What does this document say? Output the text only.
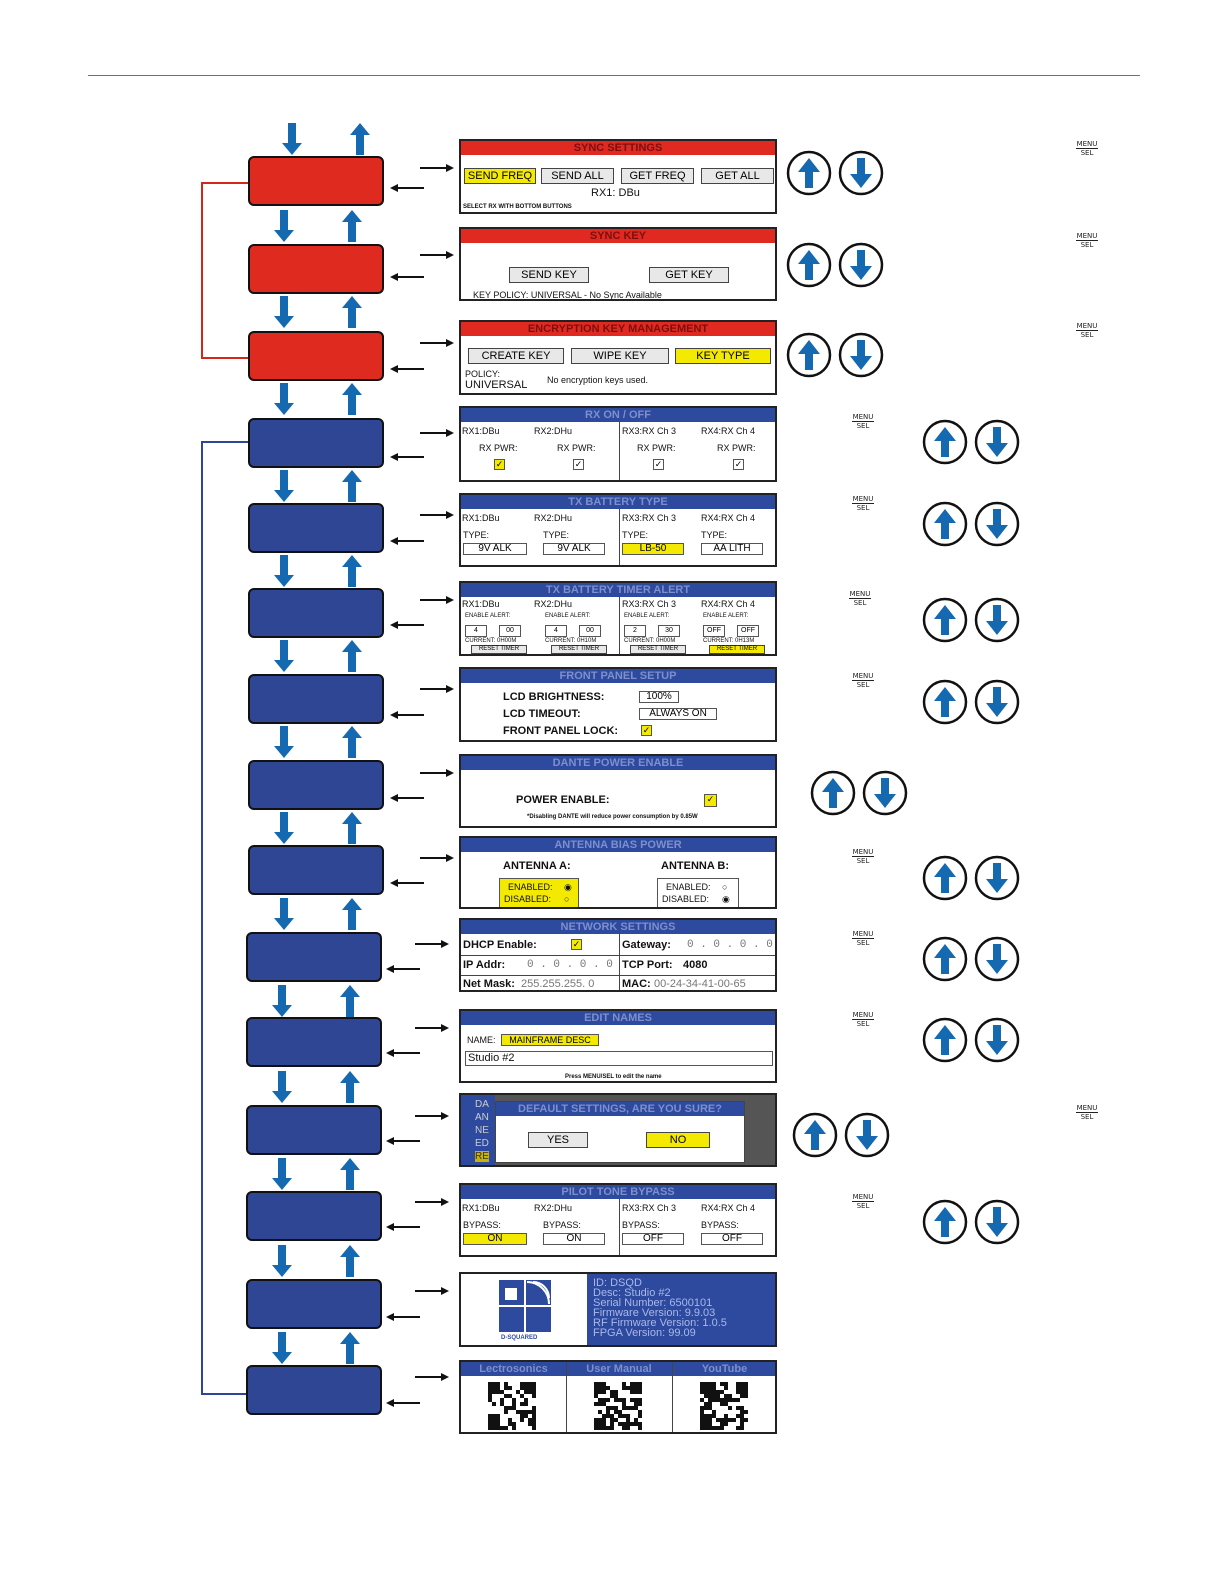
SYNC SETTINGS
SEND FREQ	SEND ALL	GET FREQ	GET ALL
RX1: DBu
SELECT RX WITH BOTTOM BUTTONS
SYNC KEY
SEND KEY	GET KEY
KEY POLICY: UNIVERSAL - No Sync Available
ENCRYPTION KEY MANAGEMENT
CREATE KEY	WIPE KEY	KEY TYPE
POLICY:
UNIVERSAL No encryption keys used.
RX ON / OFF
RX1:DBu	RX2:DHu	RX3:RX Ch 3	RX4:RX Ch 4
RX PWR:	RX PWR:	RX PWR:	RX PWR:
✓	✓	✓	✓
TX BATTERY TYPE
RX1:DBu	RX2:DHu	RX3:RX Ch 3	RX4:RX Ch 4
TYPE:	TYPE:	TYPE:	TYPE:
9V ALK	9V ALK	LB-50	AA LITH
TX BATTERY TIMER ALERT
RX1:DBu	RX2:DHu	RX3:RX Ch 3	RX4:RX Ch 4
ENABLE ALERT:	ENABLE ALERT:	ENABLE ALERT:	ENABLE ALERT:
4	00	4	00	2	30	OFF	OFF
CURRENT: 0H00M	CURRENT: 0H10M	CURRENT: 0H00M	CURRENT: 0H13M
RESET TIMER	RESET TIMER	RESET TIMER	RESET TIMER
FRONT PANEL SETUP
LCD BRIGHTNESS:	100%
LCD TIMEOUT:	ALWAYS ON
FRONT PANEL LOCK:	✓
DANTE POWER ENABLE
POWER ENABLE:	✓
*Disabling DANTE will reduce power consumption by 0.85W
ANTENNA BIAS POWER
ANTENNA A:	ANTENNA B:
ENABLED: ◉
DISABLED: ○
ENABLED: ○
DISABLED: ◉
NETWORK SETTINGS
DHCP Enable:	✓	Gateway: 0 . 0 . 0 . 0
IP Addr: 0 . 0 . 0 . 0 TCP Port: 4080
Net Mask: 255.255.255. 0	MAC: 00-24-34-41-00-65
EDIT NAMES
NAME:	MAINFRAME DESC
Studio #2
Press MENU/SEL to edit the name
DA
AN
NE
ED
RE
DEFAULT SETTINGS, ARE YOU SURE?
YES	NO
PILOT TONE BYPASS
RX1:DBu	RX2:DHu	RX3:RX Ch 3	RX4:RX Ch 4
BYPASS:	BYPASS:	BYPASS:	BYPASS:
ON	ON	OFF	OFF
D-SQUARED
ID: DSQD
Desc: Studio #2
Serial Number: 6500101
Firmware Version: 9.9.03
RF Firmware Version: 1.0.5
FPGA Version: 99.09
Lectrosonics	User Manual	YouTube
MENU
SEL
MENU
SEL
MENU
SEL
MENU
SEL
MENU
SEL
MENU
SEL
MENU
SEL
MENU
SEL
MENU
SEL
MENU
SEL
MENU
SEL
MENU
SEL
